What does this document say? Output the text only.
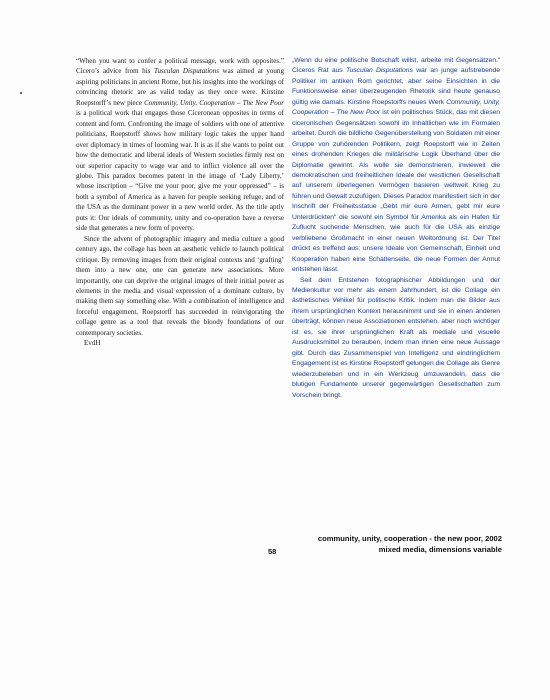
“When you want to confer a political message, work with opposites.” Cicero’s advice from his Tusculan Disputations was aimed at young aspiring politicians in ancient Rome, but his insights into the workings of convincing rhetoric are as valid today as they once were. Kirstine Roepstorff’s new piece Community, Unity, Cooperation – The New Poor is a political work that engages those Ciceronean opposites in terms of content and form. Confronting the image of soldiers with one of attentive politicians, Roepstorff shows how military logic takes the upper hand over diplomacy in times of looming war. It is as if she wants to point out how the democratic and liberal ideals of Western societies firmly rest on our superior capacity to wage war and to inflict violence all over the globe. This paradox becomes patent in the image of ‘Lady Liberty,’ whose inscription – “Give me your poor, give me your oppressed” – is both a symbol of America as a haven for people seeking refuge, and of the USA as the dominant power in a new world order. As the title aptly puts it: Our ideals of community, unity and co-operation have a reverse side that generates a new form of poverty.

Since the advent of photographic imagery and media culture a good century ago, the collage has been an aesthetic vehicle to launch political critique. By removing images from their original contexts and ‘grafting’ them into a new one, one can generate new associations. More importantly, one can deprive the original images of their initial power as elements in the media and visual expression of a dominant culture, by making them say something else. With a combination of intelligence and forceful engagement, Roepstorff has succeeded in reinvigorating the collage genre as a tool that reveals the bloody foundations of our contemporary societies.

EvdH

„Wenn du eine politische Botschaft willst, arbeite mit Gegensätzen.“ Ciceros Rat aus Tusculan Disputations war an junge aufstrebende Politiker im antiken Rom gerichtet, aber seine Einsichten in die Funktionsweise einer überzeugenden Rhetorik sind heute genauso gültig wie damals. Kirstine Roepstorffs neues Werk Community, Unity, Cooperation – The New Poor ist ein politisches Stück, das mit diesen ciceronischen Gegensätzen sowohl im Inhaltlichen wie im Formalen arbeitet. Durch die bildliche Gegenüberstellung von Soldaten mit einer Gruppe von zuhörenden Politikern, zeigt Roepstorff wie in Zeiten eines drohenden Krieges die militärische Logik Überhand über die Diplomatie gewinnt. Als wolle sie demonstrieren, inwieweit die demokratischen und freiheitlichen Ideale der westlichen Gesellschaft auf unserem überlegenen Vermögen basieren weltweit Krieg zu führen und Gewalt zuzufügen. Dieses Paradox manifestiert sich in der Inschrift der Freiheitsstatue „Gebt mir eure Armen, gebt mir eure Unterdrückten“ die sowohl ein Symbol für Amerika als ein Hafen für Zuflucht suchende Menschen, wie auch für die USA als einzige verbliebene Großmacht in einer neuen Weltordnung ist. Der Titel drückt es treffend aus: unsere Ideale von Gemeinschaft, Einheit und Kooperation haben eine Schattenseite, die neue Formen der Armut entstehen lässt.

Seit dem Entstehen fotographischer Abbildungen und der Medienkultur vor mehr als einem Jahrhundert, ist die Collage ein ästhetisches Vehikel für politische Kritik. Indem man die Bilder aus ihrem ursprünglichen Kontext herausnimmt und sie in einen anderen überträgt, können neue Assoziationen entstehen, aber noch wichtiger ist es, sie ihrer ursprünglichen Kraft als mediale und visuelle Ausdrucksmittel zu berauben, indem man ihnen eine neue Aussage gibt. Durch das Zusammenspiel von Intelligenz und eindringlichem Engagement ist es Kirstine Roepstorff gelungen die Collage als Genre wiederzubeleben und in ein Werkzeug umzuwandeln, dass die blutigen Fundamente unserer gegenwärtigen Gesellschaften zum Vorschein bringt.

community, unity, cooperation - the new poor, 2002
mixed media, dimensions variable
58
